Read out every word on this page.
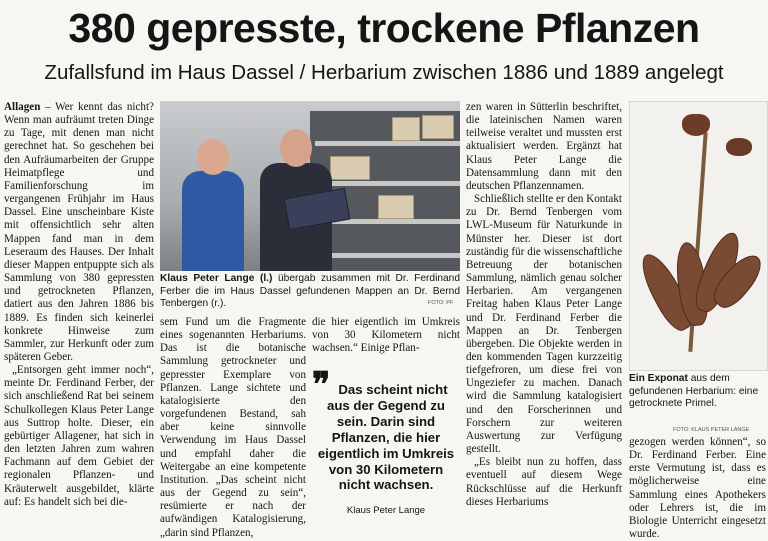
380 gepresste, trockene Pflanzen
Zufallsfund im Haus Dassel / Herbarium zwischen 1886 und 1889 angelegt

Allagen – Wer kennt das nicht? Wenn man aufräumt treten Dinge zu Tage, mit denen man nicht gerechnet hat. So geschehen bei den Aufräumarbeiten der Gruppe Heimatpflege und Familienforschung im vergangenen Frühjahr im Haus Dassel. Eine unscheinbare Kiste mit offensichtlich sehr alten Mappen fand man in dem Leseraum des Hauses. Der Inhalt dieser Mappen entpuppte sich als Sammlung von 380 gepressten und getrockneten Pflanzen, datiert aus den Jahren 1886 bis 1889. Es finden sich keinerlei konkrete Hinweise zum Sammler, zur Herkunft oder zum späteren Geber.

„Entsorgen geht immer noch“, meinte Dr. Ferdinand Ferber, der sich anschließend Rat bei seinem Schulkollegen Klaus Peter Lange aus Suttrop holte. Dieser, ein gebürtiger Allagener, hat sich in den letzten Jahren zum wahren Fachmann auf dem Gebiet der regionalen Pflanzen- und Kräuterwelt ausgebildet, klärte auf: Es handelt sich bei die-

Klaus Peter Lange (l.) übergab zusammen mit Dr. Ferdinand Ferber die im Haus Dassel gefundenen Mappen an Dr. Bernd Tenbergen (r.).	FOTO: PF

sem Fund um die Fragmente eines sogenannten Herbariums. Das ist die botanische Sammlung getrockneter und gepresster Exemplare von Pflanzen. Lange sichtete und katalogisierte den vorgefundenen Bestand, sah aber keine sinnvolle Verwendung im Haus Dassel und empfahl daher die Weitergabe an eine kompetente Institution. „Das scheint nicht aus der Gegend zu sein“, resümierte er nach der aufwändigen Katalogisierung, „darin sind Pflanzen,

die hier eigentlich im Umkreis von 30 Kilometern nicht wachsen.“ Einige Pflan-

❞ Das scheint nicht aus der Gegend zu sein. Darin sind Pflanzen, die hier eigentlich im Umkreis von 30 Kilometern nicht wachsen.

Klaus Peter Lange

zen waren in Sütterlin beschriftet, die lateinischen Namen waren teilweise veraltet und mussten erst aktualisiert werden. Ergänzt hat Klaus Peter Lange die Datensammlung dann mit den deutschen Pflanzennamen.

Schließlich stellte er den Kontakt zu Dr. Bernd Tenbergen vom LWL-Museum für Naturkunde in Münster her. Dieser ist dort zuständig für die wissenschaftliche Betreuung der botanischen Sammlung, nämlich genau solcher Herbarien. Am vergangenen Freitag haben Klaus Peter Lange und Dr. Ferdinand Ferber die Mappen an Dr. Tenbergen übergeben. Die Objekte werden in den kommenden Tagen kurzzeitig tiefgefroren, um diese frei von Ungeziefer zu machen. Danach wird die Sammlung katalogisiert und den Forscherinnen und Forschern zur weiteren Auswertung zur Verfügung gestellt.

„Es bleibt nun zu hoffen, dass eventuell auf diesem Wege Rückschlüsse auf die Herkunft dieses Herbariums

FOTO: KLAUS PETER LANGE
Ein Exponat aus dem gefundenen Herbarium: eine getrocknete Primel.

gezogen werden können“, so Dr. Ferdinand Ferber. Eine erste Vermutung ist, dass es möglicherweise eine Sammlung eines Apothekers oder Lehrers ist, die im Biologie Unterricht eingesetzt wurde.
